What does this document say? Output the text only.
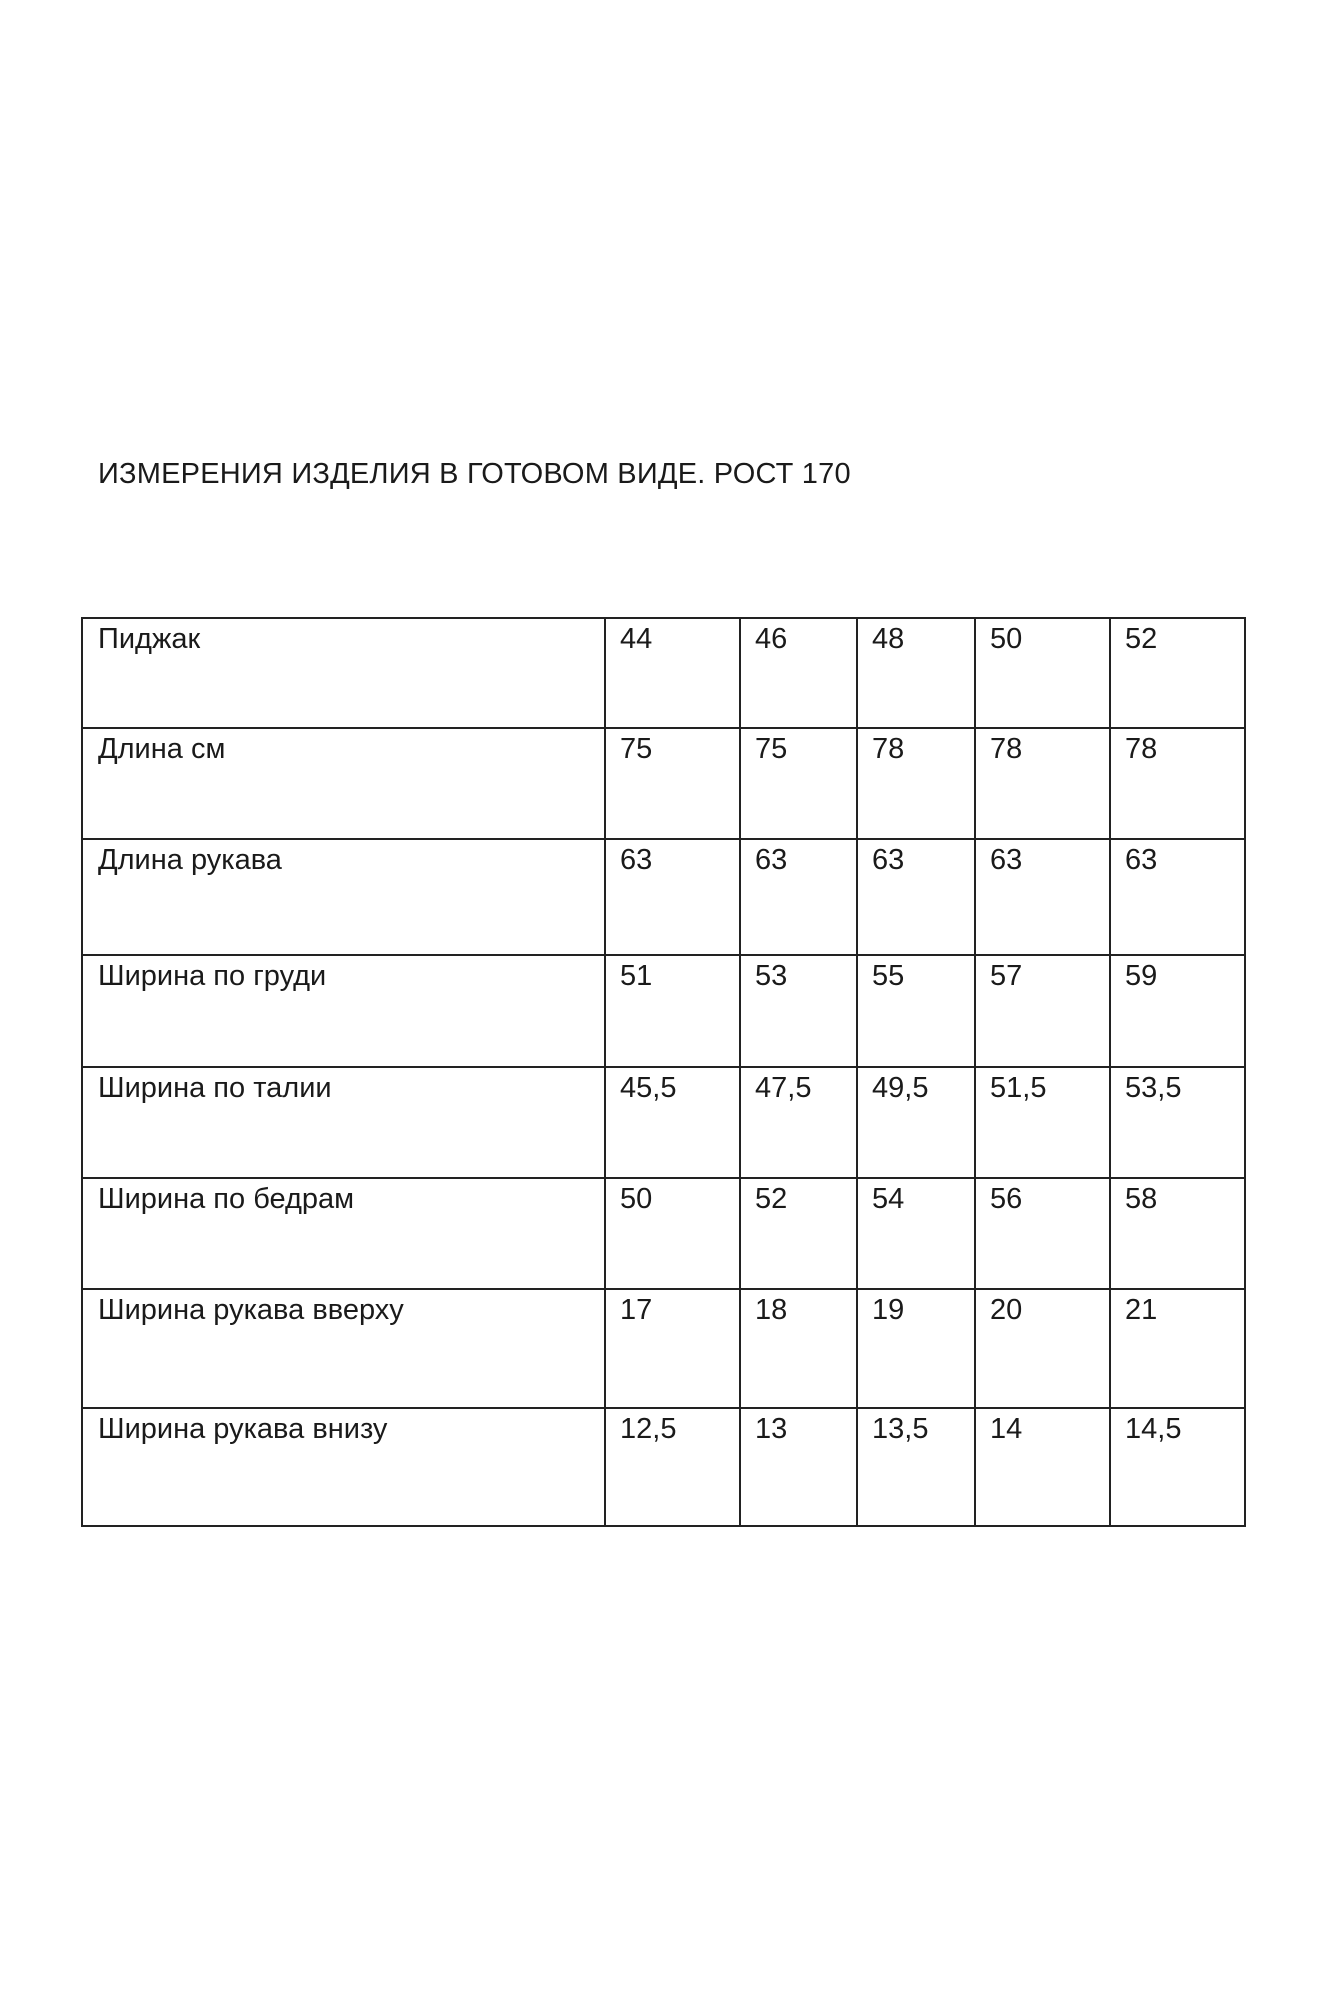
ИЗМЕРЕНИЯ ИЗДЕЛИЯ В ГОТОВОМ ВИДЕ. РОСТ 170
Пиджак	44	46	48	50	52
Длина см	75	75	78	78	78
Длина рукава	63	63	63	63	63
Ширина по груди	51	53	55	57	59
Ширина по талии	45,5	47,5	49,5	51,5	53,5
Ширина по бедрам	50	52	54	56	58
Ширина рукава вверху	17	18	19	20	21
Ширина рукава внизу	12,5	13	13,5	14	14,5
